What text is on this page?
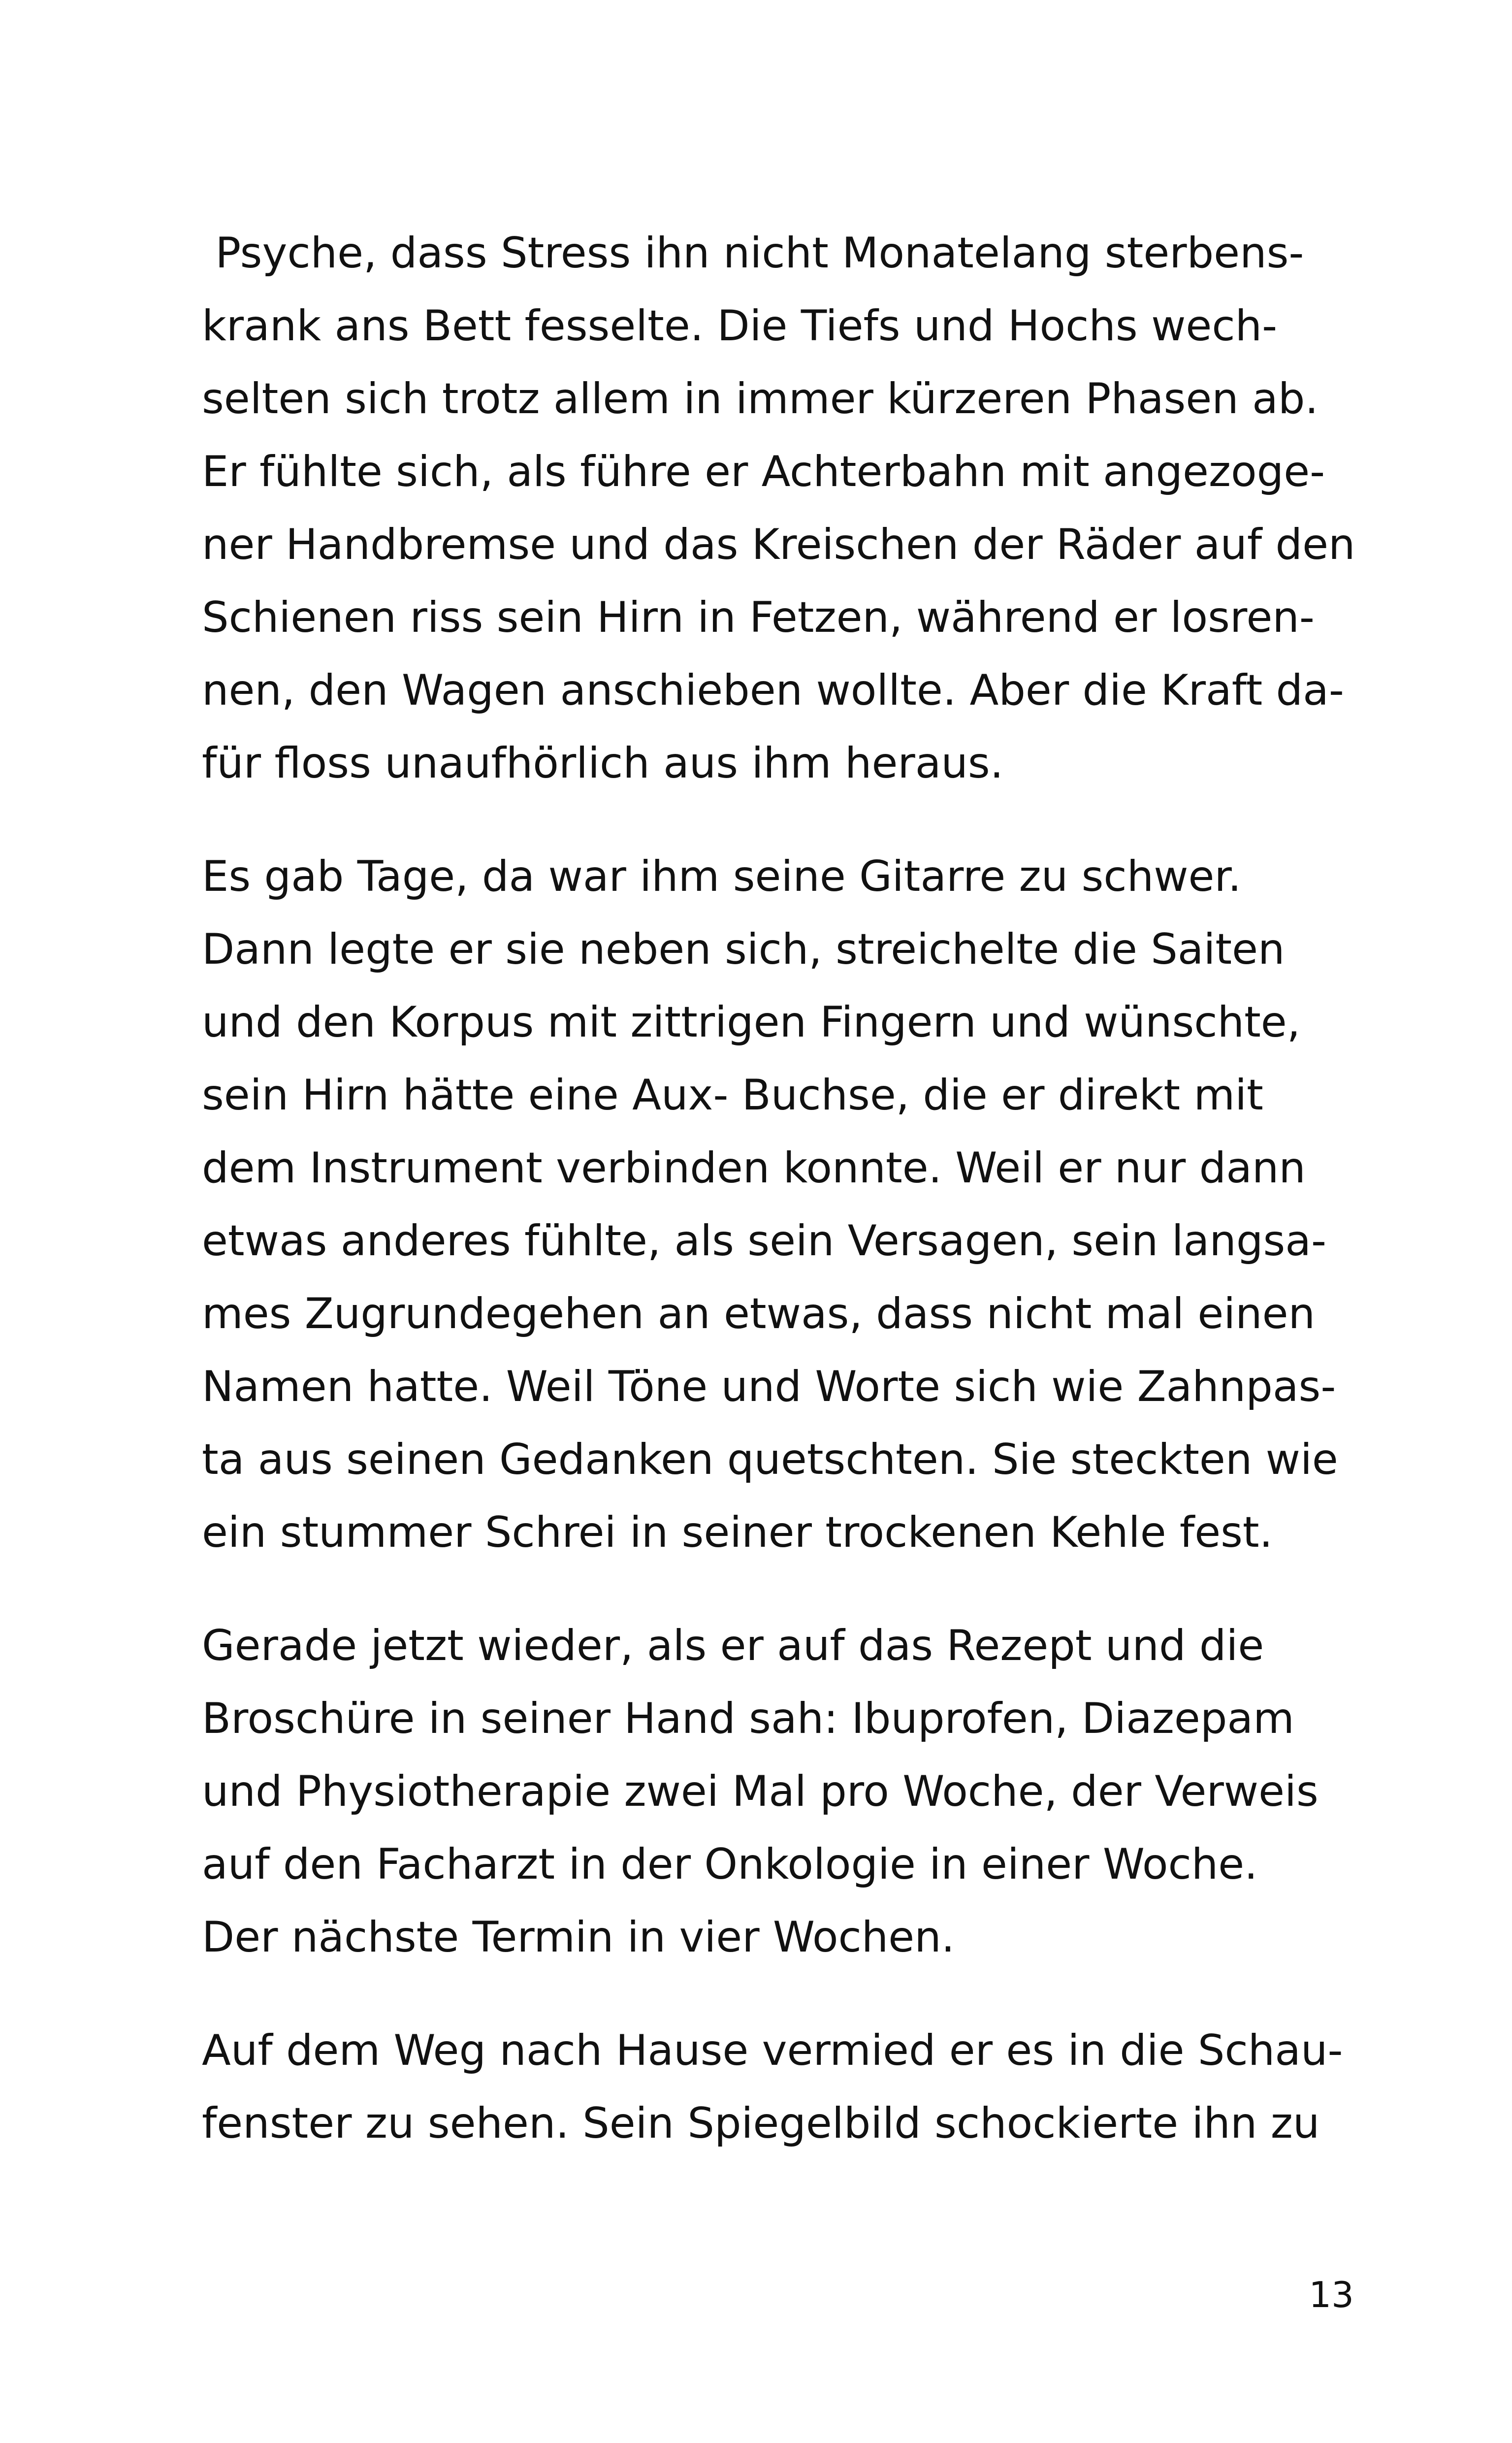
Psyche, dass Stress ihn nicht Monatelang sterbens-
krank ans Bett fesselte. Die Tiefs und Hochs wech-
selten sich trotz allem in immer kürzeren Phasen ab.
Er fühlte sich, als führe er Achterbahn mit angezoge-
ner Handbremse und das Kreischen der Räder auf den
Schienen riss sein Hirn in Fetzen, während er losren-
nen, den Wagen anschieben wollte. Aber die Kraft da-
für floss unaufhörlich aus ihm heraus.

Es gab Tage, da war ihm seine Gitarre zu schwer.
Dann legte er sie neben sich, streichelte die Saiten
und den Korpus mit zittrigen Fingern und wünschte,
sein Hirn hätte eine Aux- Buchse, die er direkt mit
dem Instrument verbinden konnte. Weil er nur dann
etwas anderes fühlte, als sein Versagen, sein langsa-
mes Zugrundegehen an etwas, dass nicht mal einen
Namen hatte. Weil Töne und Worte sich wie Zahnpas-
ta aus seinen Gedanken quetschten. Sie steckten wie
ein stummer Schrei in seiner trockenen Kehle fest.

Gerade jetzt wieder, als er auf das Rezept und die
Broschüre in seiner Hand sah: Ibuprofen, Diazepam
und Physiotherapie zwei Mal pro Woche, der Verweis
auf den Facharzt in der Onkologie in einer Woche.
Der nächste Termin in vier Wochen.

Auf dem Weg nach Hause vermied er es in die Schau-
fenster zu sehen. Sein Spiegelbild schockierte ihn zu

13
